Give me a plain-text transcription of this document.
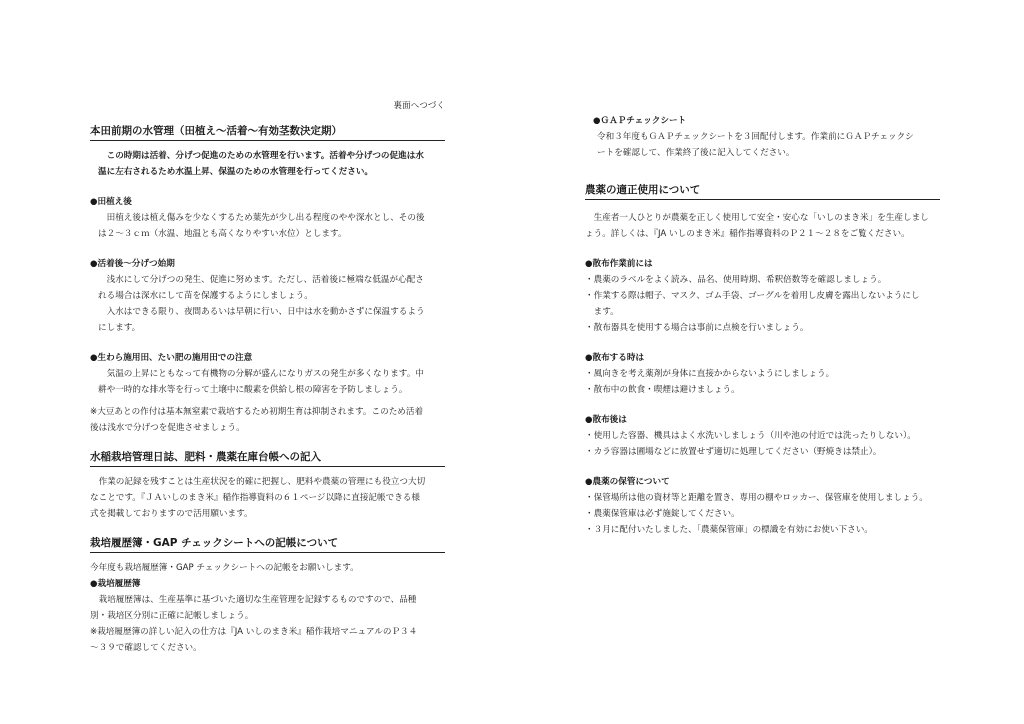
裏面へつづく
本田前期の水管理（田植え～活着～有効茎数決定期）
　この時期は活着、分げつ促進のための水管理を行います。活着や分げつの促進は水
温に左右されるため水温上昇、保温のための水管理を行ってください。
●田植え後
　田植え後は植え傷みを少なくするため葉先が少し出る程度のやや深水とし、その後
は２～３ｃｍ（水温、地温とも高くなりやすい水位）とします。
●活着後～分げつ始期
　浅水にして分げつの発生、促進に努めます。ただし、活着後に極端な低温が心配さ
れる場合は深水にして苗を保護するようにしましょう。
　入水はできる限り、夜間あるいは早朝に行い、日中は水を動かさずに保温するよう
にします。
●生わら施用田、たい肥の施用田での注意
　気温の上昇にともなって有機物の分解が盛んになりガスの発生が多くなります。中
耕や一時的な排水等を行って土壌中に酸素を供給し根の障害を予防しましょう。
※大豆あとの作付は基本無窒素で栽培するため初期生育は抑制されます。このため活着
後は浅水で分げつを促進させましょう。
水稲栽培管理日誌、肥料・農薬在庫台帳への記入
　作業の記録を残すことは生産状況を的確に把握し、肥料や農薬の管理にも役立つ大切
なことです。『ＪＡいしのまき米』稲作指導資料の６１ページ以降に直接記帳できる様
式を掲載しておりますので活用願います。
栽培履歴簿・GAP チェックシートへの記帳について
今年度も栽培履歴簿・GAP チェックシートへの記帳をお願いします。
●栽培履歴簿
　栽培履歴簿は、生産基準に基づいた適切な生産管理を記録するものですので、品種
別・栽培区分別に正確に記帳しましょう。
※栽培履歴簿の詳しい記入の仕方は『JA いしのまき米』稲作栽培マニュアルのＰ３４
～３９で確認してください。
●ＧＡＰチェックシート
令和３年度もＧＡＰチェックシートを３回配付します。作業前にＧＡＰチェックシ
ートを確認して、作業終了後に記入してください。
農薬の適正使用について
　生産者一人ひとりが農薬を正しく使用して安全・安心な「いしのまき米」を生産しまし
ょう。詳しくは、『JA いしのまき米』稲作指導資料のＰ２１～２８をご覧ください。
●散布作業前には
・農薬のラベルをよく読み、品名、使用時期、希釈倍数等を確認しましょう。
・作業する際は帽子、マスク、ゴム手袋、ゴーグルを着用し皮膚を露出しないようにし
　ます。
・散布器具を使用する場合は事前に点検を行いましょう。
●散布する時は
・風向きを考え薬剤が身体に直接かからないようにしましょう。
・散布中の飲食・喫煙は避けましょう。
●散布後は
・使用した容器、機具はよく水洗いしましょう（川や池の付近では洗ったりしない）。
・カラ容器は圃場などに放置せず適切に処理してください（野焼きは禁止）。
●農薬の保管について
・保管場所は他の資材等と距離を置き、専用の棚やロッカー、保管庫を使用しましょう。
・農薬保管庫は必ず施錠してください。
・３月に配付いたしました、「農薬保管庫」の標識を有効にお使い下さい。
